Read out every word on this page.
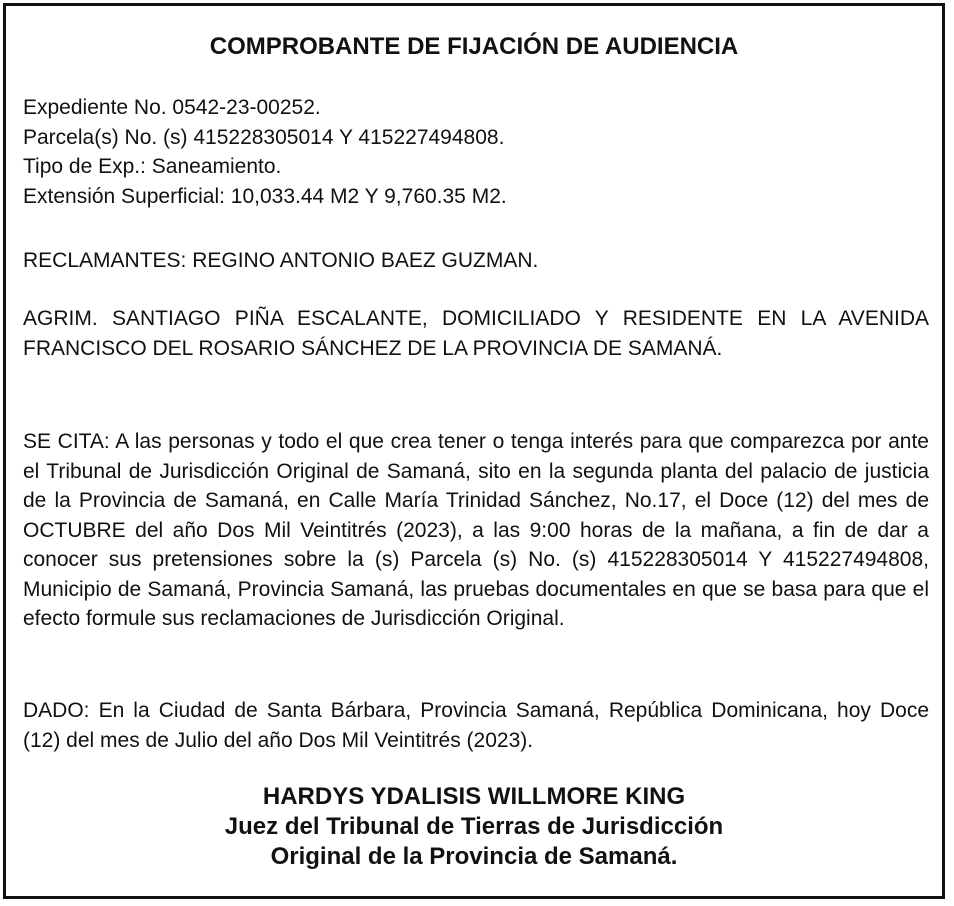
COMPROBANTE DE FIJACIÓN DE AUDIENCIA
Expediente No. 0542-23-00252.
Parcela(s) No. (s) 415228305014 Y 415227494808.
Tipo de Exp.: Saneamiento.
Extensión Superficial: 10,033.44 M2 Y 9,760.35 M2.
RECLAMANTES: REGINO ANTONIO BAEZ GUZMAN.

AGRIM. SANTIAGO PIÑA ESCALANTE, DOMICILIADO Y RESIDENTE EN LA AVENIDA FRANCISCO DEL ROSARIO SÁNCHEZ DE LA PROVINCIA DE SAMANÁ.

SE CITA: A las personas y todo el que crea tener o tenga interés para que comparezca por ante el Tribunal de Jurisdicción Original de Samaná, sito en la segunda planta del palacio de justicia de la Provincia de Samaná, en Calle María Trinidad Sánchez, No.17, el Doce (12) del mes de OCTUBRE del año Dos Mil Veintitrés (2023), a las 9:00 horas de la mañana, a fin de dar a conocer sus pretensiones sobre la (s) Parcela (s) No. (s) 415228305014 Y 415227494808, Municipio de Samaná, Provincia Samaná, las pruebas documentales en que se basa para que el efecto formule sus reclamaciones de Jurisdicción Original.

DADO: En la Ciudad de Santa Bárbara, Provincia Samaná, República Dominicana, hoy Doce (12) del mes de Julio del año Dos Mil Veintitrés (2023).

HARDYS YDALISIS WILLMORE KING
Juez del Tribunal de Tierras de Jurisdicción
Original de la Provincia de Samaná.
